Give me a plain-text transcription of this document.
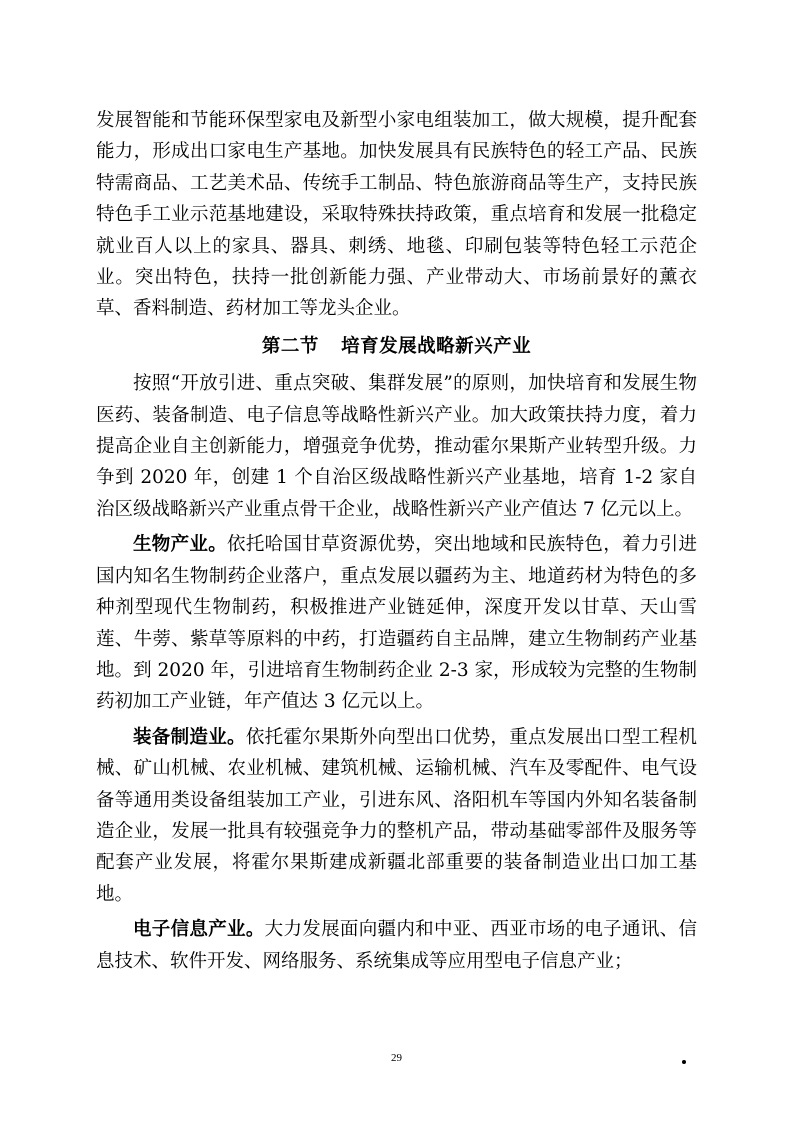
发展智能和节能环保型家电及新型小家电组装加工，做大规模，提升配套能力，形成出口家电生产基地。加快发展具有民族特色的轻工产品、民族特需商品、工艺美术品、传统手工制品、特色旅游商品等生产，支持民族特色手工业示范基地建设，采取特殊扶持政策，重点培育和发展一批稳定就业百人以上的家具、器具、刺绣、地毯、印刷包装等特色轻工示范企业。突出特色，扶持一批创新能力强、产业带动大、市场前景好的薰衣草、香料制造、药材加工等龙头企业。

第二节 培育发展战略新兴产业

按照“开放引进、重点突破、集群发展”的原则，加快培育和发展生物医药、装备制造、电子信息等战略性新兴产业。加大政策扶持力度，着力提高企业自主创新能力，增强竞争优势，推动霍尔果斯产业转型升级。力争到 2020 年，创建 1 个自治区级战略性新兴产业基地，培育 1-2 家自治区级战略新兴产业重点骨干企业，战略性新兴产业产值达 7 亿元以上。

生物产业。依托哈国甘草资源优势，突出地域和民族特色，着力引进国内知名生物制药企业落户，重点发展以疆药为主、地道药材为特色的多种剂型现代生物制药，积极推进产业链延伸，深度开发以甘草、天山雪莲、牛蒡、紫草等原料的中药，打造疆药自主品牌，建立生物制药产业基地。到 2020 年，引进培育生物制药企业 2-3 家，形成较为完整的生物制药初加工产业链，年产值达 3 亿元以上。

装备制造业。依托霍尔果斯外向型出口优势，重点发展出口型工程机械、矿山机械、农业机械、建筑机械、运输机械、汽车及零配件、电气设备等通用类设备组装加工产业，引进东风、洛阳机车等国内外知名装备制造企业，发展一批具有较强竞争力的整机产品，带动基础零部件及服务等配套产业发展，将霍尔果斯建成新疆北部重要的装备制造业出口加工基地。

电子信息产业。大力发展面向疆内和中亚、西亚市场的电子通讯、信息技术、软件开发、网络服务、系统集成等应用型电子信息产业；

29
